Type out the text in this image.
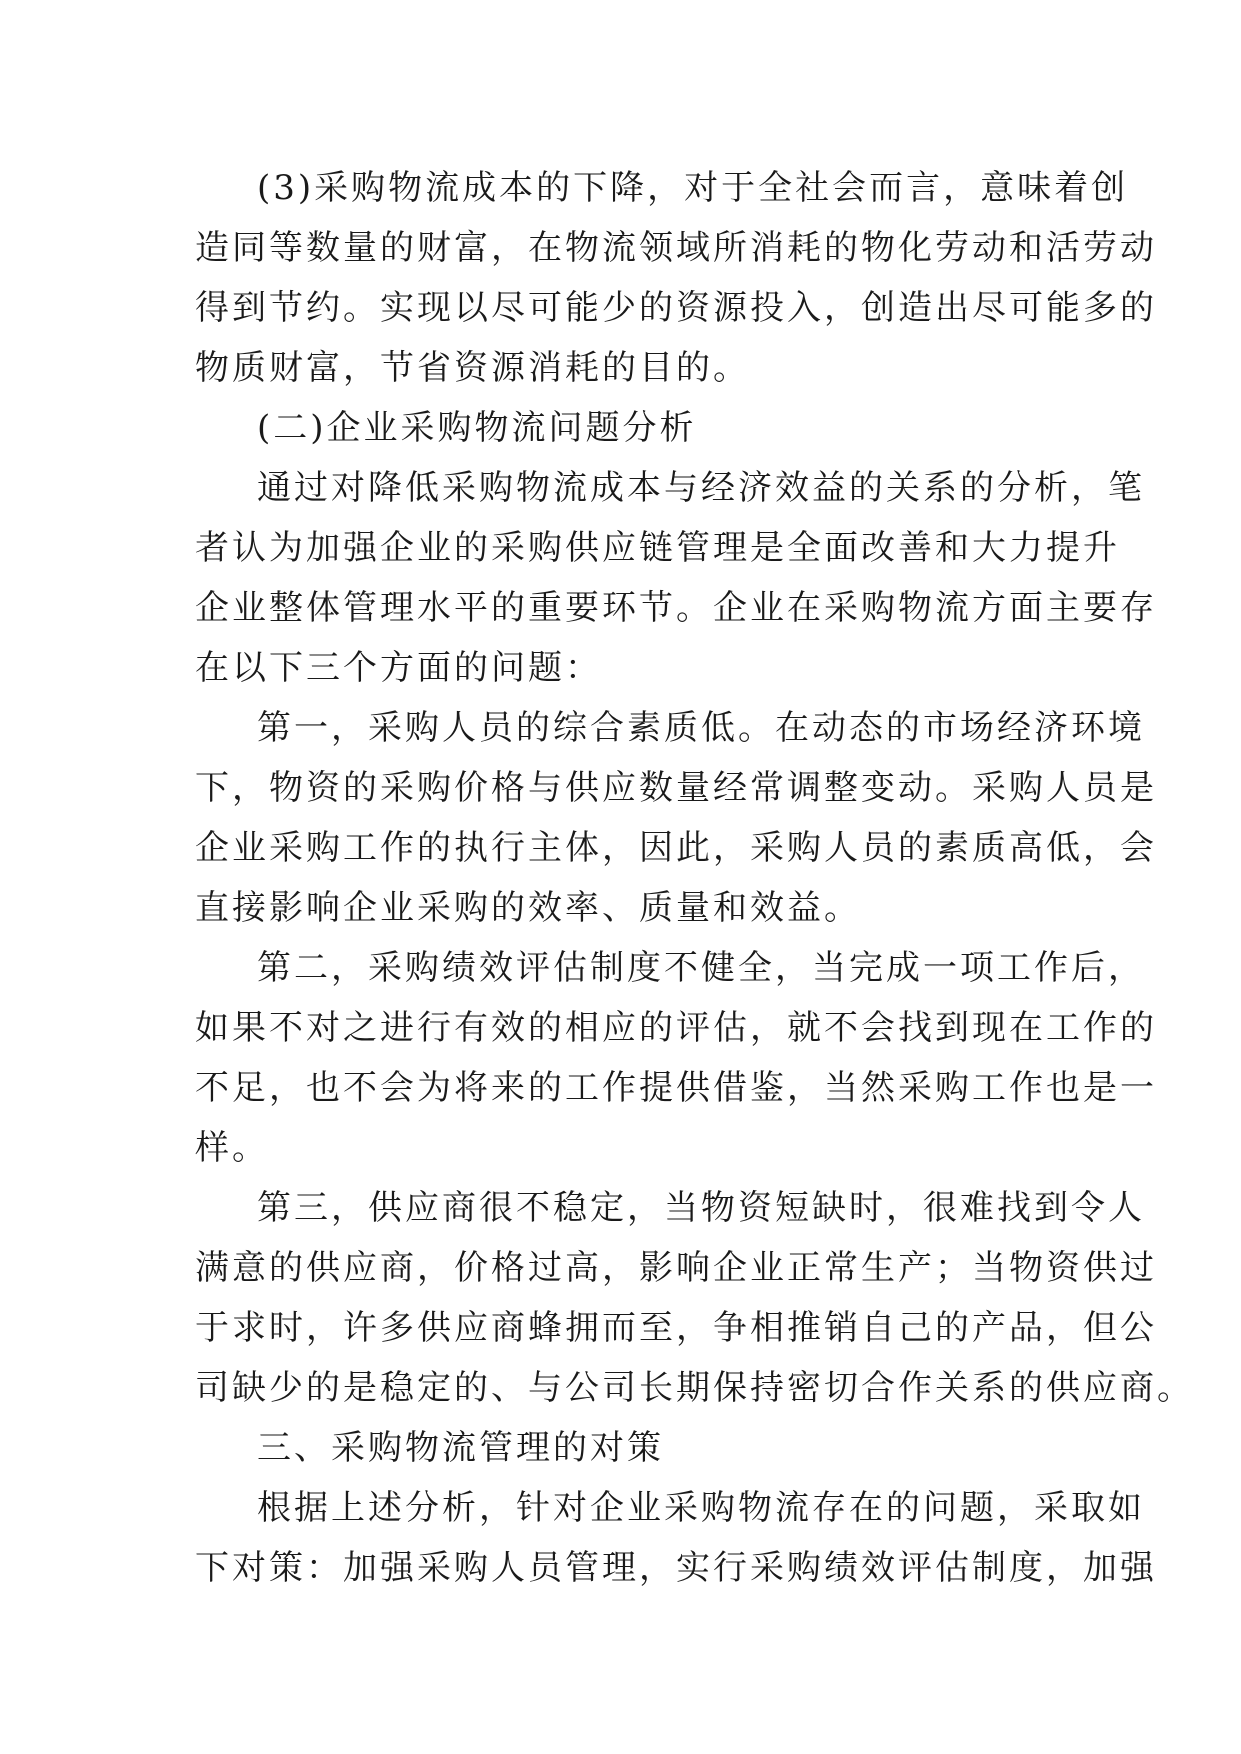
(3)采购物流成本的下降，对于全社会而言，意味着创
造同等数量的财富，在物流领域所消耗的物化劳动和活劳动
得到节约。实现以尽可能少的资源投入，创造出尽可能多的
物质财富，节省资源消耗的目的。
(二)企业采购物流问题分析
通过对降低采购物流成本与经济效益的关系的分析，笔
者认为加强企业的采购供应链管理是全面改善和大力提升
企业整体管理水平的重要环节。企业在采购物流方面主要存
在以下三个方面的问题：
第一，采购人员的综合素质低。在动态的市场经济环境
下，物资的采购价格与供应数量经常调整变动。采购人员是
企业采购工作的执行主体，因此，采购人员的素质高低，会
直接影响企业采购的效率、质量和效益。
第二，采购绩效评估制度不健全，当完成一项工作后，
如果不对之进行有效的相应的评估，就不会找到现在工作的
不足，也不会为将来的工作提供借鉴，当然采购工作也是一
样。
第三，供应商很不稳定，当物资短缺时，很难找到令人
满意的供应商，价格过高，影响企业正常生产；当物资供过
于求时，许多供应商蜂拥而至，争相推销自己的产品，但公
司缺少的是稳定的、与公司长期保持密切合作关系的供应商。
三、采购物流管理的对策
根据上述分析，针对企业采购物流存在的问题，采取如
下对策：加强采购人员管理，实行采购绩效评估制度，加强
